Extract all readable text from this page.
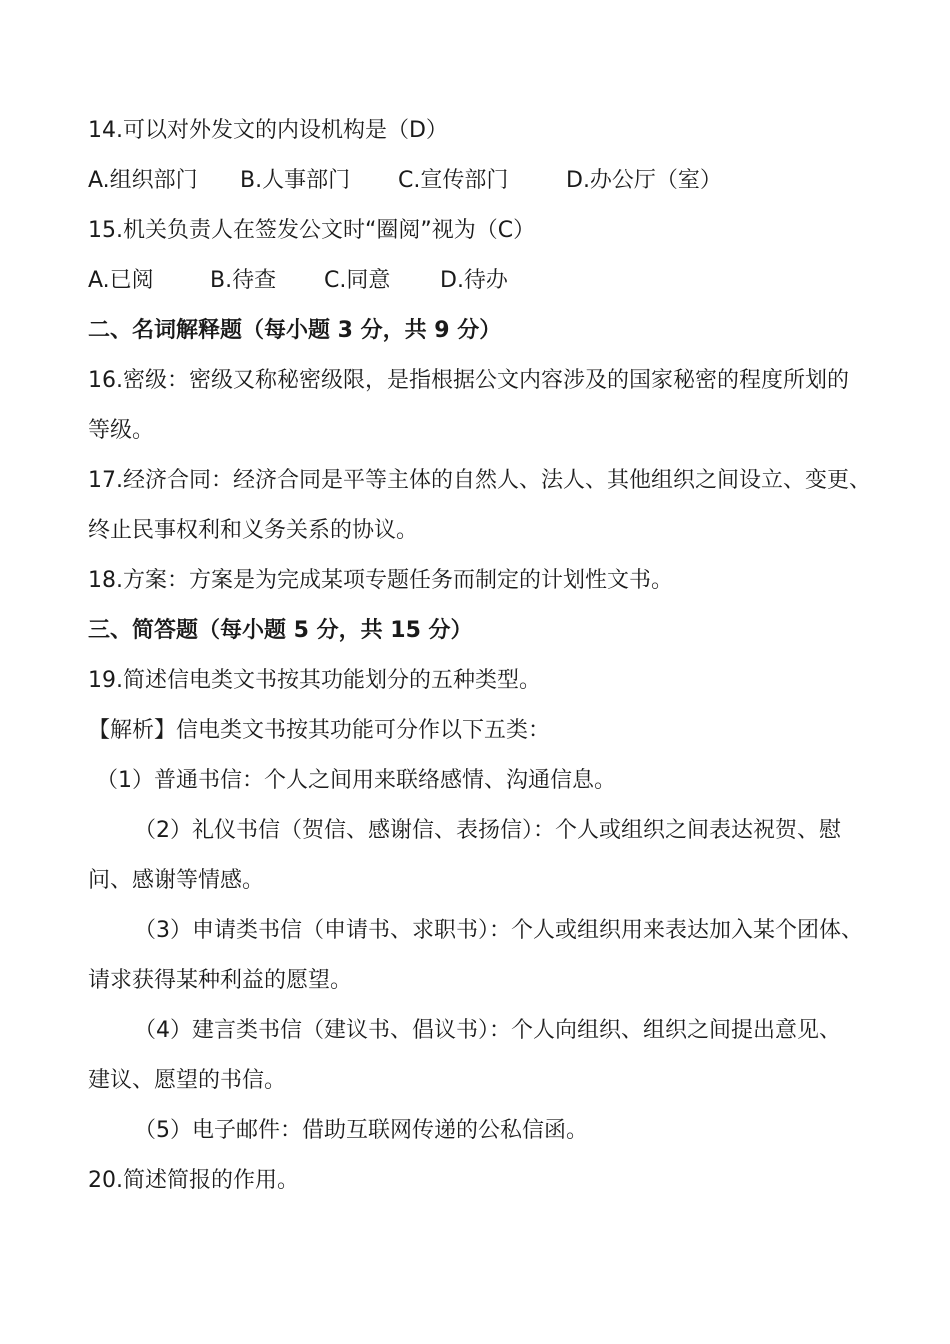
14.可以对外发文的内设机构是（D）
A.组织部门 B.人事部门 C.宣传部门	D.办公厅（室）
15.机关负责人在签发公文时“圈阅”视为（C）
A.已阅	B.待查 C.同意 D.待办
二、名词解释题（每小题 3 分，共 9 分）
16.密级：密级又称秘密级限，是指根据公文内容涉及的国家秘密的程度所划的
等级。
17.经济合同：经济合同是平等主体的自然人、法人、其他组织之间设立、变更、
终止民事权利和义务关系的协议。
18.方案：方案是为完成某项专题任务而制定的计划性文书。
三、简答题（每小题 5 分，共 15 分）
19.简述信电类文书按其功能划分的五种类型。
【解析】信电类文书按其功能可分作以下五类：
（1）普通书信：个人之间用来联络感情、沟通信息。
（2）礼仪书信（贺信、感谢信、表扬信）：个人或组织之间表达祝贺、慰
问、感谢等情感。
（3）申请类书信（申请书、求职书）：个人或组织用来表达加入某个团体、
请求获得某种利益的愿望。
（4）建言类书信（建议书、倡议书）：个人向组织、组织之间提出意见、
建议、愿望的书信。
（5）电子邮件：借助互联网传递的公私信函。
20.简述简报的作用。
